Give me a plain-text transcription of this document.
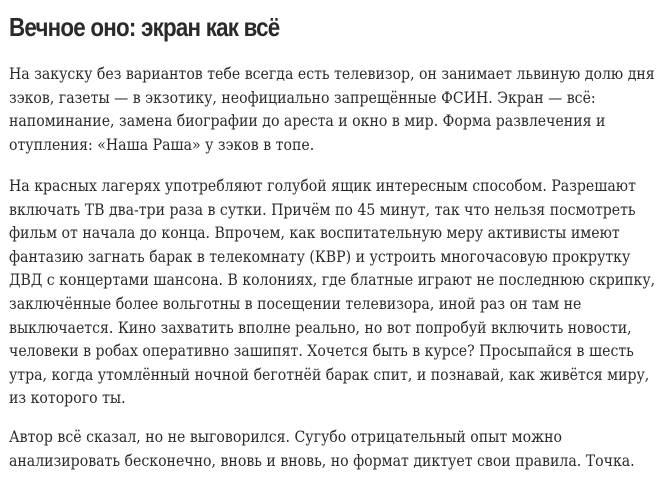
Вечное оно: экран как всё

На закуску без вариантов тебе всегда есть телевизор, он занимает львиную долю дня
зэков, газеты — в экзотику, неофициально запрещённые ФСИН. Экран — всё:
напоминание, замена биографии до ареста и окно в мир. Форма развлечения и
отупления: «Наша Раша» у зэков в топе.

На красных лагерях употребляют голубой ящик интересным способом. Разрешают
включать ТВ два-три раза в сутки. Причём по 45 минут, так что нельзя посмотреть
фильм от начала до конца. Впрочем, как воспитательную меру активисты имеют
фантазию загнать барак в телекомнату (КВР) и устроить многочасовую прокрутку
ДВД с концертами шансона. В колониях, где блатные играют не последнюю скрипку,
заключённые более вольготны в посещении телевизора, иной раз он там не
выключается. Кино захватить вполне реально, но вот попробуй включить новости,
человеки в робах оперативно зашипят. Хочется быть в курсе? Просыпайся в шесть
утра, когда утомлённый ночной беготнёй барак спит, и познавай, как живётся миру,
из которого ты.

Автор всё сказал, но не выговорился. Сугубо отрицательный опыт можно
анализировать бесконечно, вновь и вновь, но формат диктует свои правила. Точка.
